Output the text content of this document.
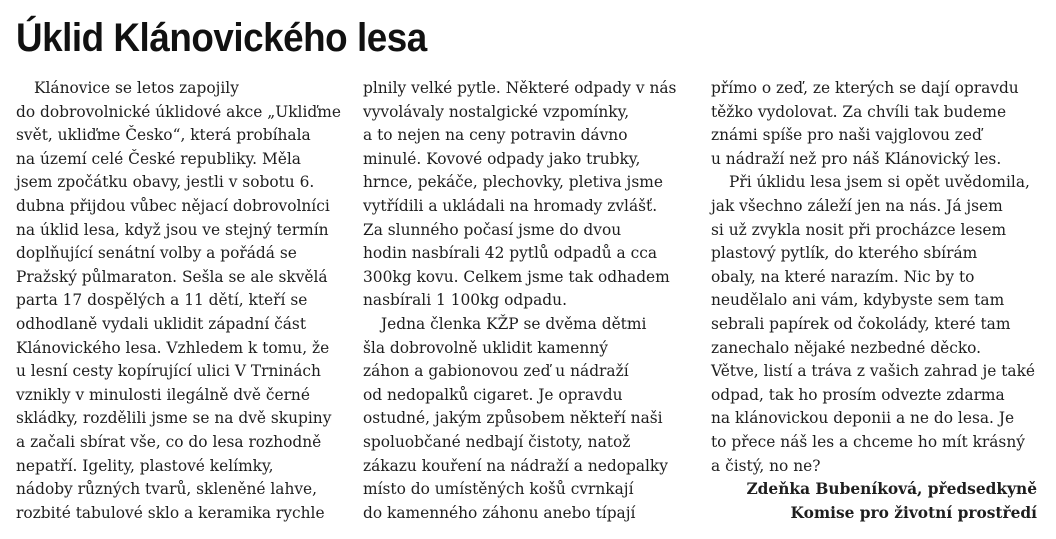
Úklid Klánovického lesa
Klánovice se letos zapojily
do dobrovolnické úklidové akce „Ukliďme
svět, ukliďme Česko“, která probíhala
na území celé České republiky. Měla
jsem zpočátku obavy, jestli v sobotu 6.
dubna přijdou vůbec nějací dobrovolníci
na úklid lesa, když jsou ve stejný termín
doplňující senátní volby a pořádá se
Pražský půlmaraton. Sešla se ale skvělá
parta 17 dospělých a 11 dětí, kteří se
odhodlaně vydali uklidit západní část
Klánovického lesa. Vzhledem k tomu, že
u lesní cesty kopírující ulici V Trninách
vznikly v minulosti ilegálně dvě černé
skládky, rozdělili jsme se na dvě skupiny
a začali sbírat vše, co do lesa rozhodně
nepatří. Igelity, plastové kelímky,
nádoby různých tvarů, skleněné lahve,
rozbité tabulové sklo a keramika rychle
plnily velké pytle. Některé odpady v nás
vyvolávaly nostalgické vzpomínky,
a to nejen na ceny potravin dávno
minulé. Kovové odpady jako trubky,
hrnce, pekáče, plechovky, pletiva jsme
vytřídili a ukládali na hromady zvlášť.
Za slunného počasí jsme do dvou
hodin nasbírali 42 pytlů odpadů a cca
300kg kovu. Celkem jsme tak odhadem
nasbírali 1 100kg odpadu.
Jedna členka KŽP se dvěma dětmi
šla dobrovolně uklidit kamenný
záhon a gabionovou zeď u nádraží
od nedopalků cigaret. Je opravdu
ostudné, jakým způsobem někteří naši
spoluobčané nedbají čistoty, natož
zákazu kouření na nádraží a nedopalky
místo do umístěných košů cvrnkají
do kamenného záhonu anebo típají
přímo o zeď, ze kterých se dají opravdu
těžko vydolovat. Za chvíli tak budeme
známi spíše pro naši vajglovou zeď
u nádraží než pro náš Klánovický les.
Při úklidu lesa jsem si opět uvědomila,
jak všechno záleží jen na nás. Já jsem
si už zvykla nosit při procházce lesem
plastový pytlík, do kterého sbírám
obaly, na které narazím. Nic by to
neudělalo ani vám, kdybyste sem tam
sebrali papírek od čokolády, které tam
zanechalo nějaké nezbedné děcko.
Větve, listí a tráva z vašich zahrad je také
odpad, tak ho prosím odvezte zdarma
na klánovickou deponii a ne do lesa. Je
to přece náš les a chceme ho mít krásný
a čistý, no ne?
Zdeňka Bubeníková, předsedkyně
Komise pro životní prostředí
